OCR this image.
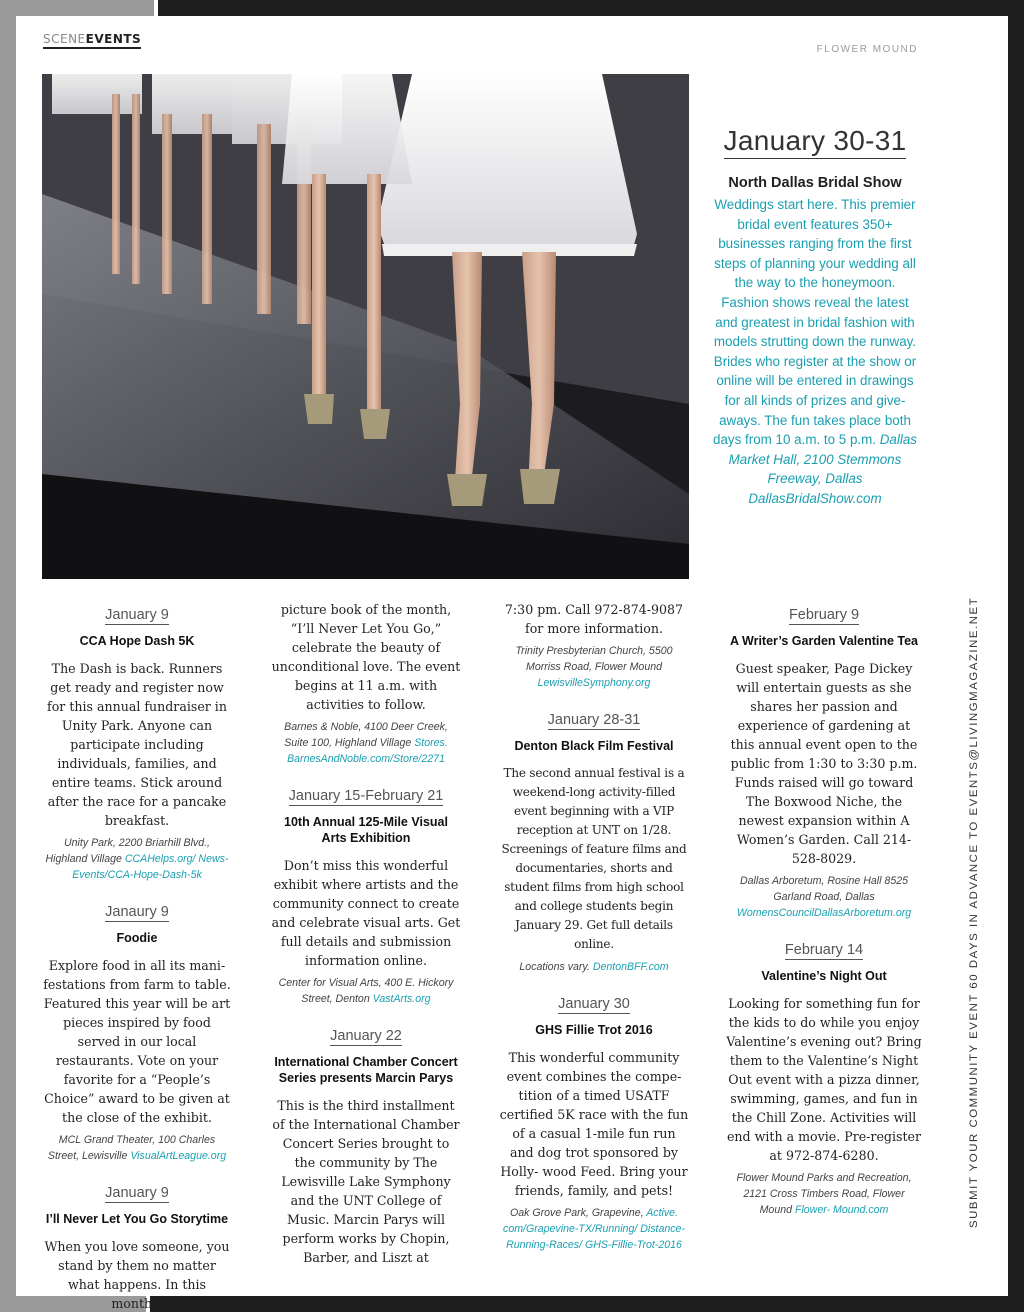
SCENEEVENTS
FLOWER MOUND
January 30-31
North Dallas Bridal Show
Weddings start here. This premier bridal event features 350+ businesses ranging from the first steps of planning your wedding all the way to the honeymoon. Fashion shows reveal the latest and greatest in bridal fashion with models strutting down the runway. Brides who register at the show or online will be entered in drawings for all kinds of prizes and give-aways. The fun takes place both days from 10 a.m. to 5 p.m. Dallas Market Hall, 2100 Stemmons Freeway, Dallas DallasBridalShow.com
January 9
CCA Hope Dash 5K
The Dash is back. Runners get ready and register now for this annual fundraiser in Unity Park. Anyone can participate including individuals, families, and entire teams. Stick around after the race for a pancake breakfast.
Unity Park, 2200 Briarhill Blvd., Highland Village CCAHelps.org/ News-Events/CCA-Hope-Dash-5k
Janaury 9
Foodie
Explore food in all its mani- festations from farm to table. Featured this year will be art pieces inspired by food served in our local restaurants. Vote on your favorite for a “People’s Choice” award to be given at the close of the exhibit.
MCL Grand Theater, 100 Charles Street, Lewisville VisualArtLeague.org
January 9
I’ll Never Let You Go Storytime
When you love someone, you stand by them no matter what happens. In this month’s
picture book of the month, “I’ll Never Let You Go,” celebrate the beauty of unconditional love. The event begins at 11 a.m. with activities to follow.
Barnes & Noble, 4100 Deer Creek, Suite 100, Highland Village Stores. BarnesAndNoble.com/Store/2271
January 15-February 21
10th Annual 125-Mile Visual Arts Exhibition
Don’t miss this wonderful exhibit where artists and the community connect to create and celebrate visual arts. Get full details and submission information online.
Center for Visual Arts, 400 E. Hickory Street, Denton VastArts.org
January 22
International Chamber Concert Series presents Marcin Parys
This is the third installment of the International Chamber Concert Series brought to the community by The Lewisville Lake Symphony and the UNT College of Music. Marcin Parys will perform works by Chopin, Barber, and Liszt at
7:30 pm. Call 972-874-9087 for more information.
Trinity Presbyterian Church, 5500 Morriss Road, Flower Mound LewisvilleSymphony.org
January 28-31
Denton Black Film Festival
The second annual festival is a weekend-long activity-filled event beginning with a VIP reception at UNT on 1/28. Screenings of feature films and documentaries, shorts and student films from high school and college students begin January 29. Get full details online.
Locations vary. DentonBFF.com
January 30
GHS Fillie Trot 2016
This wonderful community event combines the compe- tition of a timed USATF certified 5K race with the fun of a casual 1-mile fun run and dog trot sponsored by Holly- wood Feed. Bring your friends, family, and pets!
Oak Grove Park, Grapevine, Active. com/Grapevine-TX/Running/ Distance-Running-Races/ GHS-Fillie-Trot-2016
February 9
A Writer’s Garden Valentine Tea
Guest speaker, Page Dickey will entertain guests as she shares her passion and experience of gardening at this annual event open to the public from 1:30 to 3:30 p.m. Funds raised will go toward The Boxwood Niche, the newest expansion within A Women’s Garden. Call 214-528-8029.
Dallas Arboretum, Rosine Hall 8525 Garland Road, Dallas WomensCouncilDallasArboretum.org
February 14
Valentine’s Night Out
Looking for something fun for the kids to do while you enjoy Valentine’s evening out? Bring them to the Valentine’s Night Out event with a pizza dinner, swimming, games, and fun in the Chill Zone. Activities will end with a movie. Pre-register at 972-874-6280.
Flower Mound Parks and Recreation, 2121 Cross Timbers Road, Flower Mound Flower- Mound.com	SUBMIT YOUR COMMUNITY EVENT 60 DAYS IN ADVANCE TO EVENTS@LIVINGMAGAZINE.NET
